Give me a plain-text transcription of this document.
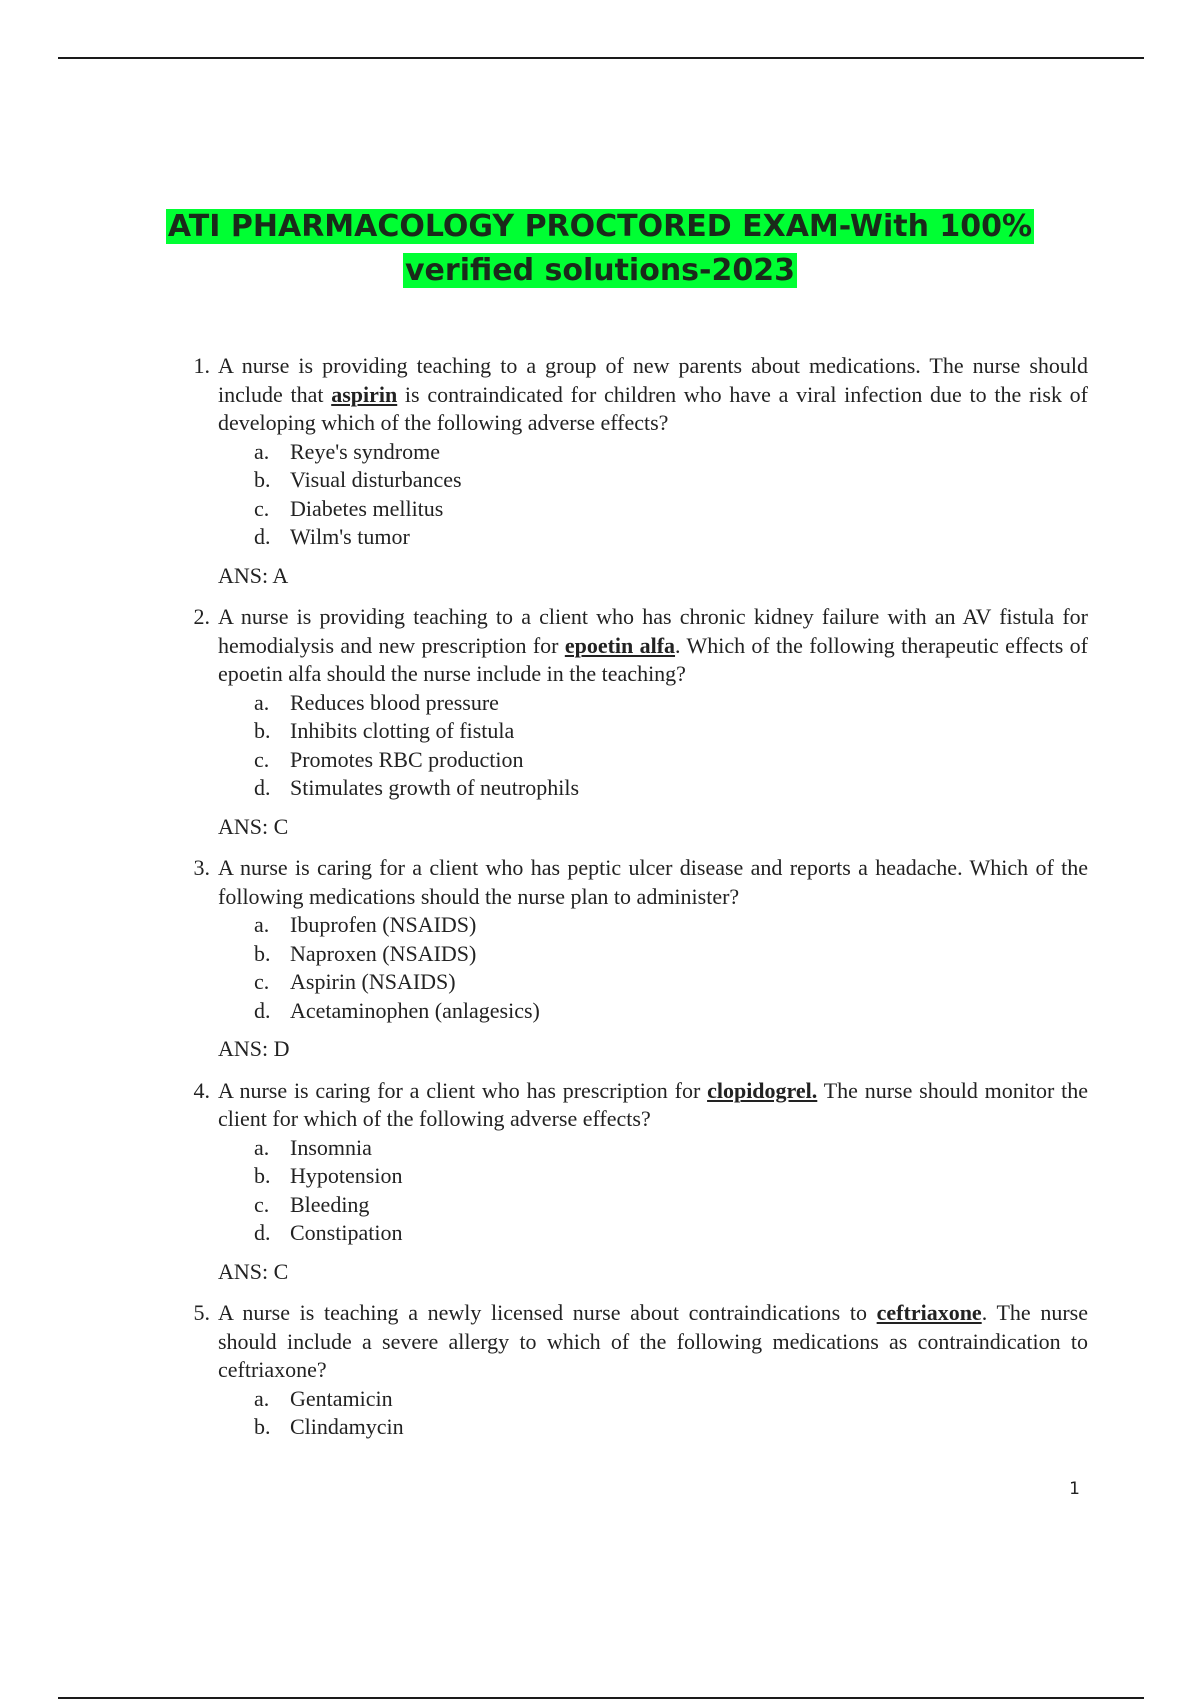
ATI PHARMACOLOGY PROCTORED EXAM-With 100%
verified solutions-2023
1. A nurse is providing teaching to a group of new parents about medications. The nurse should include that aspirin is contraindicated for children who have a viral infection due to the risk of developing which of the following adverse effects?
a. Reye's syndrome
b. Visual disturbances
c. Diabetes mellitus
d. Wilm's tumor
ANS: A
2. A nurse is providing teaching to a client who has chronic kidney failure with an AV fistula for hemodialysis and new prescription for epoetin alfa. Which of the following therapeutic effects of epoetin alfa should the nurse include in the teaching?
a. Reduces blood pressure
b. Inhibits clotting of fistula
c. Promotes RBC production
d. Stimulates growth of neutrophils
ANS: C
3. A nurse is caring for a client who has peptic ulcer disease and reports a headache. Which of the following medications should the nurse plan to administer?
a. Ibuprofen (NSAIDS)
b. Naproxen (NSAIDS)
c. Aspirin (NSAIDS)
d. Acetaminophen (anlagesics)
ANS: D
4. A nurse is caring for a client who has prescription for clopidogrel. The nurse should monitor the client for which of the following adverse effects?
a. Insomnia
b. Hypotension
c. Bleeding
d. Constipation
ANS: C
5. A nurse is teaching a newly licensed nurse about contraindications to ceftriaxone. The nurse should include a severe allergy to which of the following medications as contraindication to ceftriaxone?
a. Gentamicin
b. Clindamycin
1
